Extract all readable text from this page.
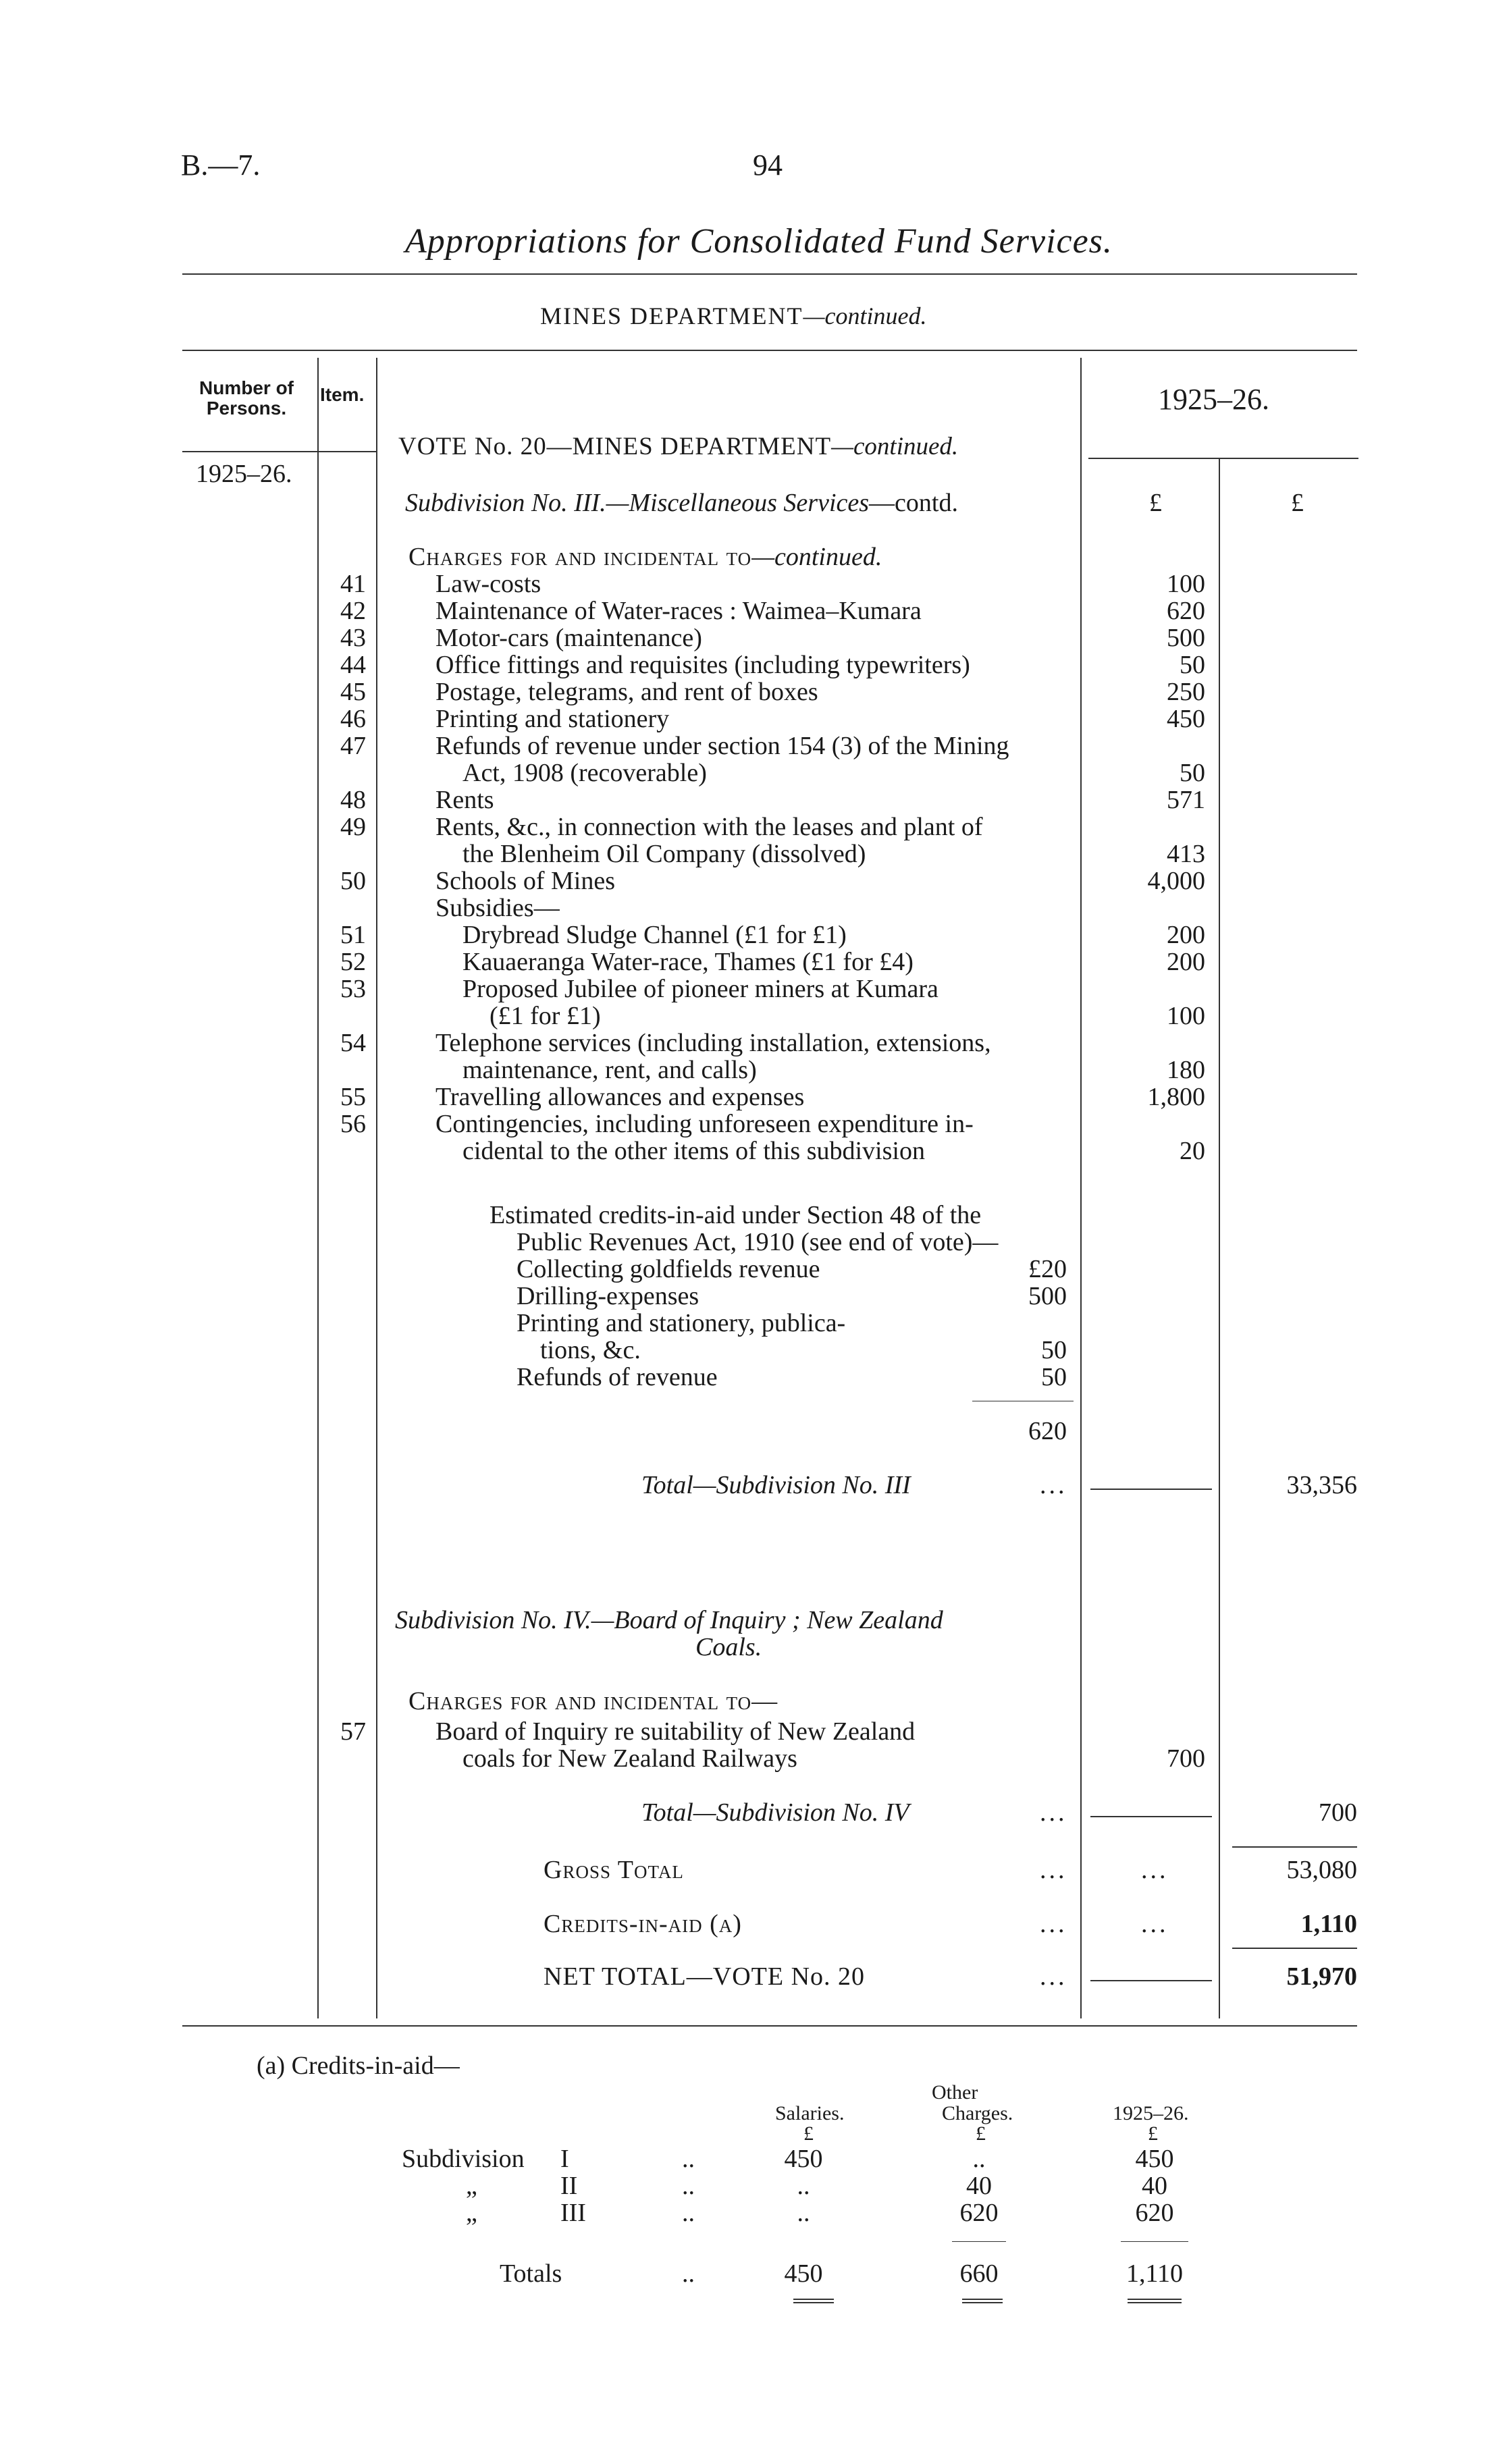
B.—7.	94
Appropriations for Consolidated Fund Services.
MINES DEPARTMENT—continued.
Number of Persons.
Item.	1925–26.
1925–26.
VOTE No. 20—MINES DEPARTMENT—continued.
£	£
Subdivision No. III.—Miscellaneous Services—contd.
Charges for and incidental to—continued.
41	Law-costs	100
42	Maintenance of Water-races : Waimea–Kumara	620
43	Motor-cars (maintenance)	500
44	Office fittings and requisites (including typewriters)	50
45	Postage, telegrams, and rent of boxes	250
46	Printing and stationery	450
47	Refunds of revenue under section 154 (3) of the Mining
Act, 1908 (recoverable)	50
48	Rents	571
49	Rents, &c., in connection with the leases and plant of
the Blenheim Oil Company (dissolved)	413
50	Schools of Mines	4,000
Subsidies—
51	Drybread Sludge Channel (£1 for £1)	200
52	Kauaeranga Water-race, Thames (£1 for £4)	200
53	Proposed Jubilee of pioneer miners at Kumara
(£1 for £1)	100
54	Telephone services (including installation, extensions,
maintenance, rent, and calls)	180
55	Travelling allowances and expenses	1,800
56	Contingencies, including unforeseen expenditure in-
cidental to the other items of this subdivision	20
Estimated credits-in-aid under Section 48 of the
Public Revenues Act, 1910 (see end of vote)—
Collecting goldfields revenue	£20
Drilling-expenses	500
Printing and stationery, publica-
tions, &c.	50
Refunds of revenue	50
620
Total—Subdivision No. III	...	33,356
Subdivision No. IV.—Board of Inquiry ; New Zealand
Coals.
Charges for and incidental to—
57	Board of Inquiry re suitability of New Zealand
coals for New Zealand Railways	700
Total—Subdivision No. IV	...	700
Gross Total	...	...	53,080
Credits-in-aid (a)	...	...	1,110
NET TOTAL—VOTE No. 20	...	51,970
(a) Credits-in-aid—
Other
Salaries.	Charges.	1925–26.
£	£	£
Subdivision I	..	450	..	450
„	II	..	..	40	40
„	III	..	..	620	620
Totals	..	450	660	1,110
